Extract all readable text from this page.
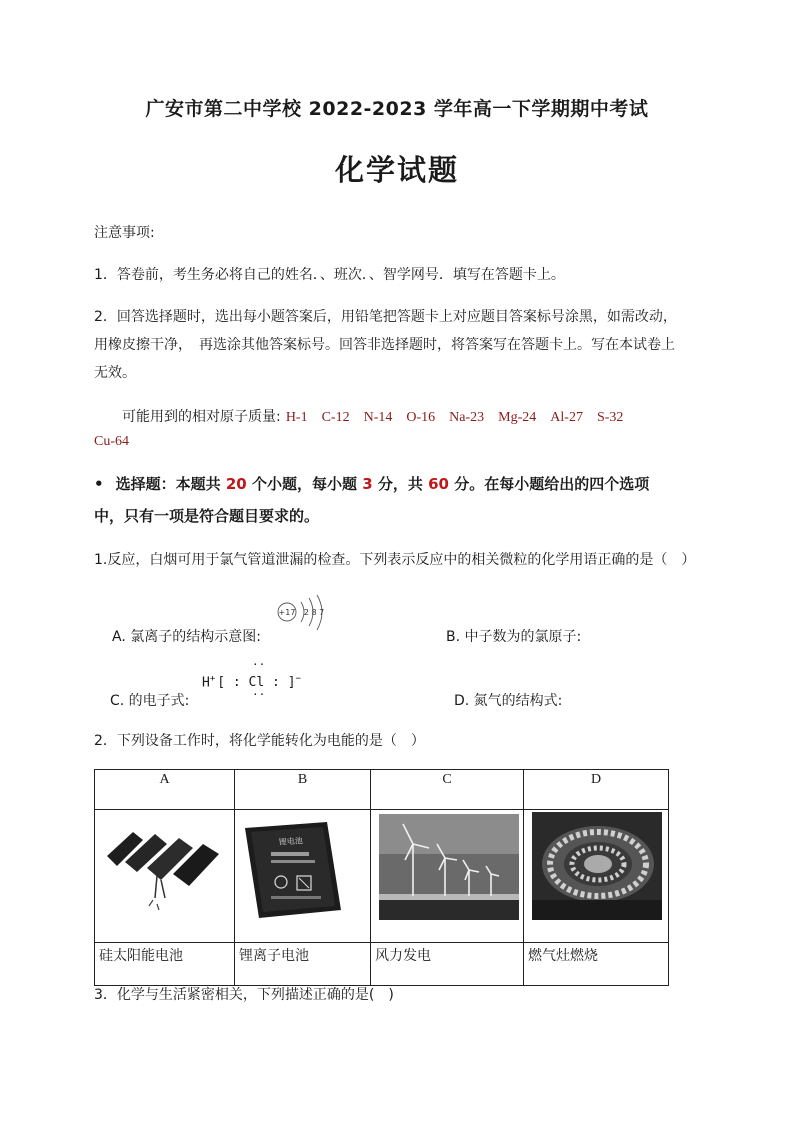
广安市第二中学校 2022-2023 学年高一下学期期中考试
化学试题
注意事项:
1．答卷前，考生务必将自己的姓名．、班次．、智学网号．填写在答题卡上。
2．回答选择题时，选出每小题答案后，用铅笔把答题卡上对应题目答案标号涂黑，如需改动，
用橡皮擦干净，　再选涂其他答案标号。回答非选择题时，将答案写在答题卡上。写在本试卷上
无效。
可能用到的相对原子质量: H-1 C-12 N-14 O-16 Na-23 Mg-24 Al-27 S-32
Cu-64
• 选择题：本题共 20 个小题，每小题 3 分，共 60 分。在每小题给出的四个选项
中，只有一项是符合题目要求的。
1.反应，白烟可用于氯气管道泄漏的检查。下列表示反应中的相关微粒的化学用语正确的是（　）
+17 2 8 7
A. 氯离子的结构示意图:	B. 中子数为的氯原子:
··
H+ [ : Cl : ]−
··
C. 的电子式:	D. 氮气的结构式:
2．下列设备工作时，将化学能转化为电能的是（　）
A	B	C	D

锂电池

硅太阳能电池	锂离子电池	风力发电	燃气灶燃烧
3．化学与生活紧密相关，下列描述正确的是(　)
